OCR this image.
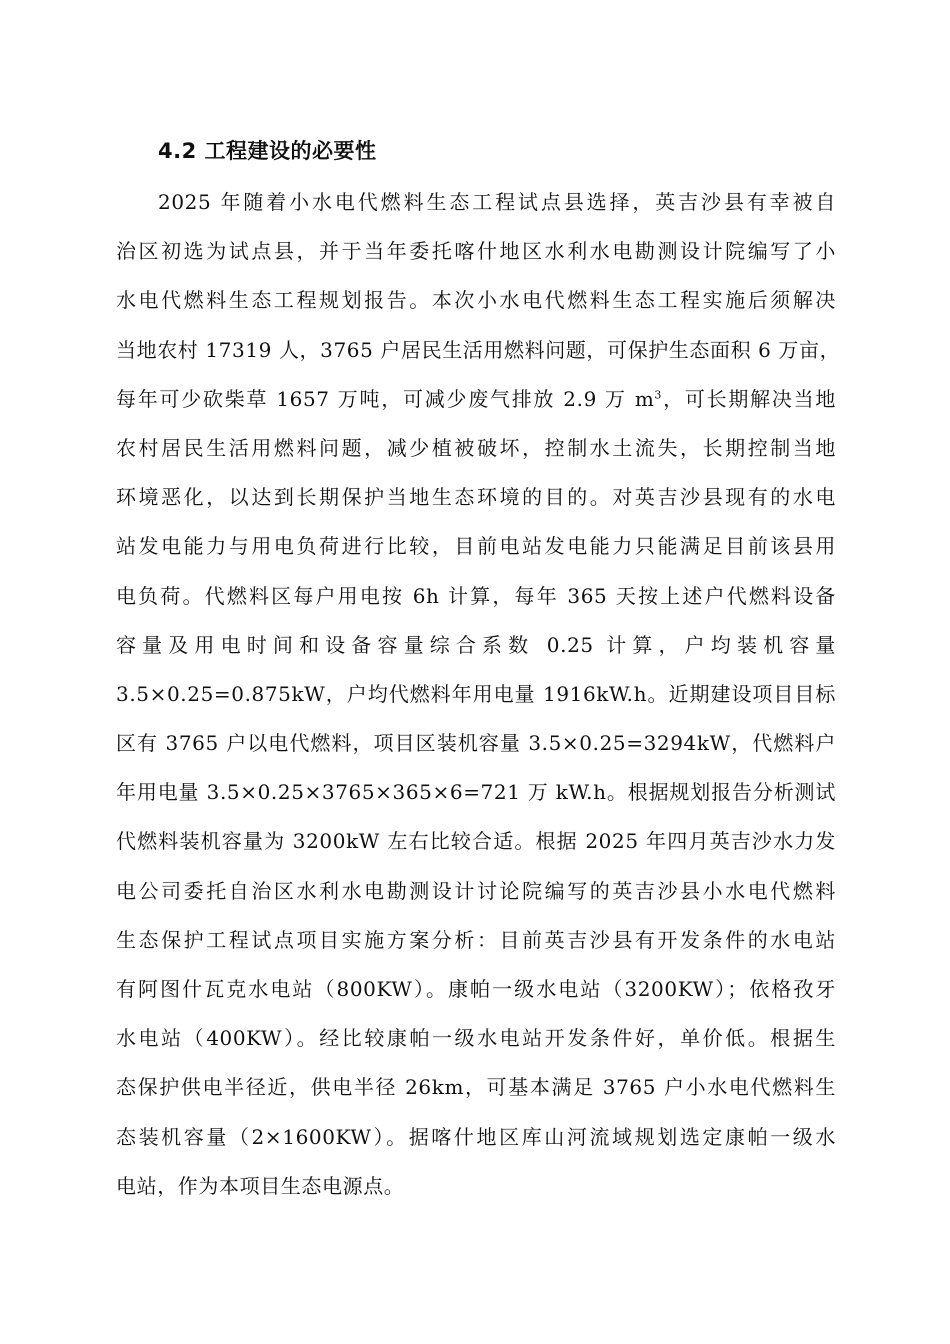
4.2 工程建设的必要性
2025 年随着小水电代燃料生态工程试点县选择，英吉沙县有幸被自
治区初选为试点县，并于当年委托喀什地区水利水电勘测设计院编写了小
水电代燃料生态工程规划报告。本次小水电代燃料生态工程实施后须解决
当地农村 17319 人，3765 户居民生活用燃料问题，可保护生态面积 6 万亩，
每年可少砍柴草 1657 万吨，可减少废气排放 2.9 万 $m^3$，可长期解决当地
农村居民生活用燃料问题，减少植被破坏，控制水土流失，长期控制当地
环境恶化，以达到长期保护当地生态环境的目的。对英吉沙县现有的水电
站发电能力与用电负荷进行比较，目前电站发电能力只能满足目前该县用
电负荷。代燃料区每户用电按 6h 计算，每年 365 天按上述户代燃料设备
容量及用电时间和设备容量综合系数 0.25 计算，户均装机容量
3.5×0.25=0.875kW，户均代燃料年用电量 1916kW.h。近期建设项目目标
区有 3765 户以电代燃料，项目区装机容量 3.5×0.25=3294kW，代燃料户
年用电量 3.5×0.25×3765×365×6=721 万 kW.h。根据规划报告分析测试
代燃料装机容量为 3200kW 左右比较合适。根据 2025 年四月英吉沙水力发
电公司委托自治区水利水电勘测设计讨论院编写的英吉沙县小水电代燃料
生态保护工程试点项目实施方案分析：目前英吉沙县有开发条件的水电站
有阿图什瓦克水电站（800KW）。康帕一级水电站（3200KW）；依格孜牙
水电站（400KW）。经比较康帕一级水电站开发条件好，单价低。根据生
态保护供电半径近，供电半径 26km，可基本满足 3765 户小水电代燃料生
态装机容量（2×1600KW）。据喀什地区库山河流域规划选定康帕一级水
电站，作为本项目生态电源点。
